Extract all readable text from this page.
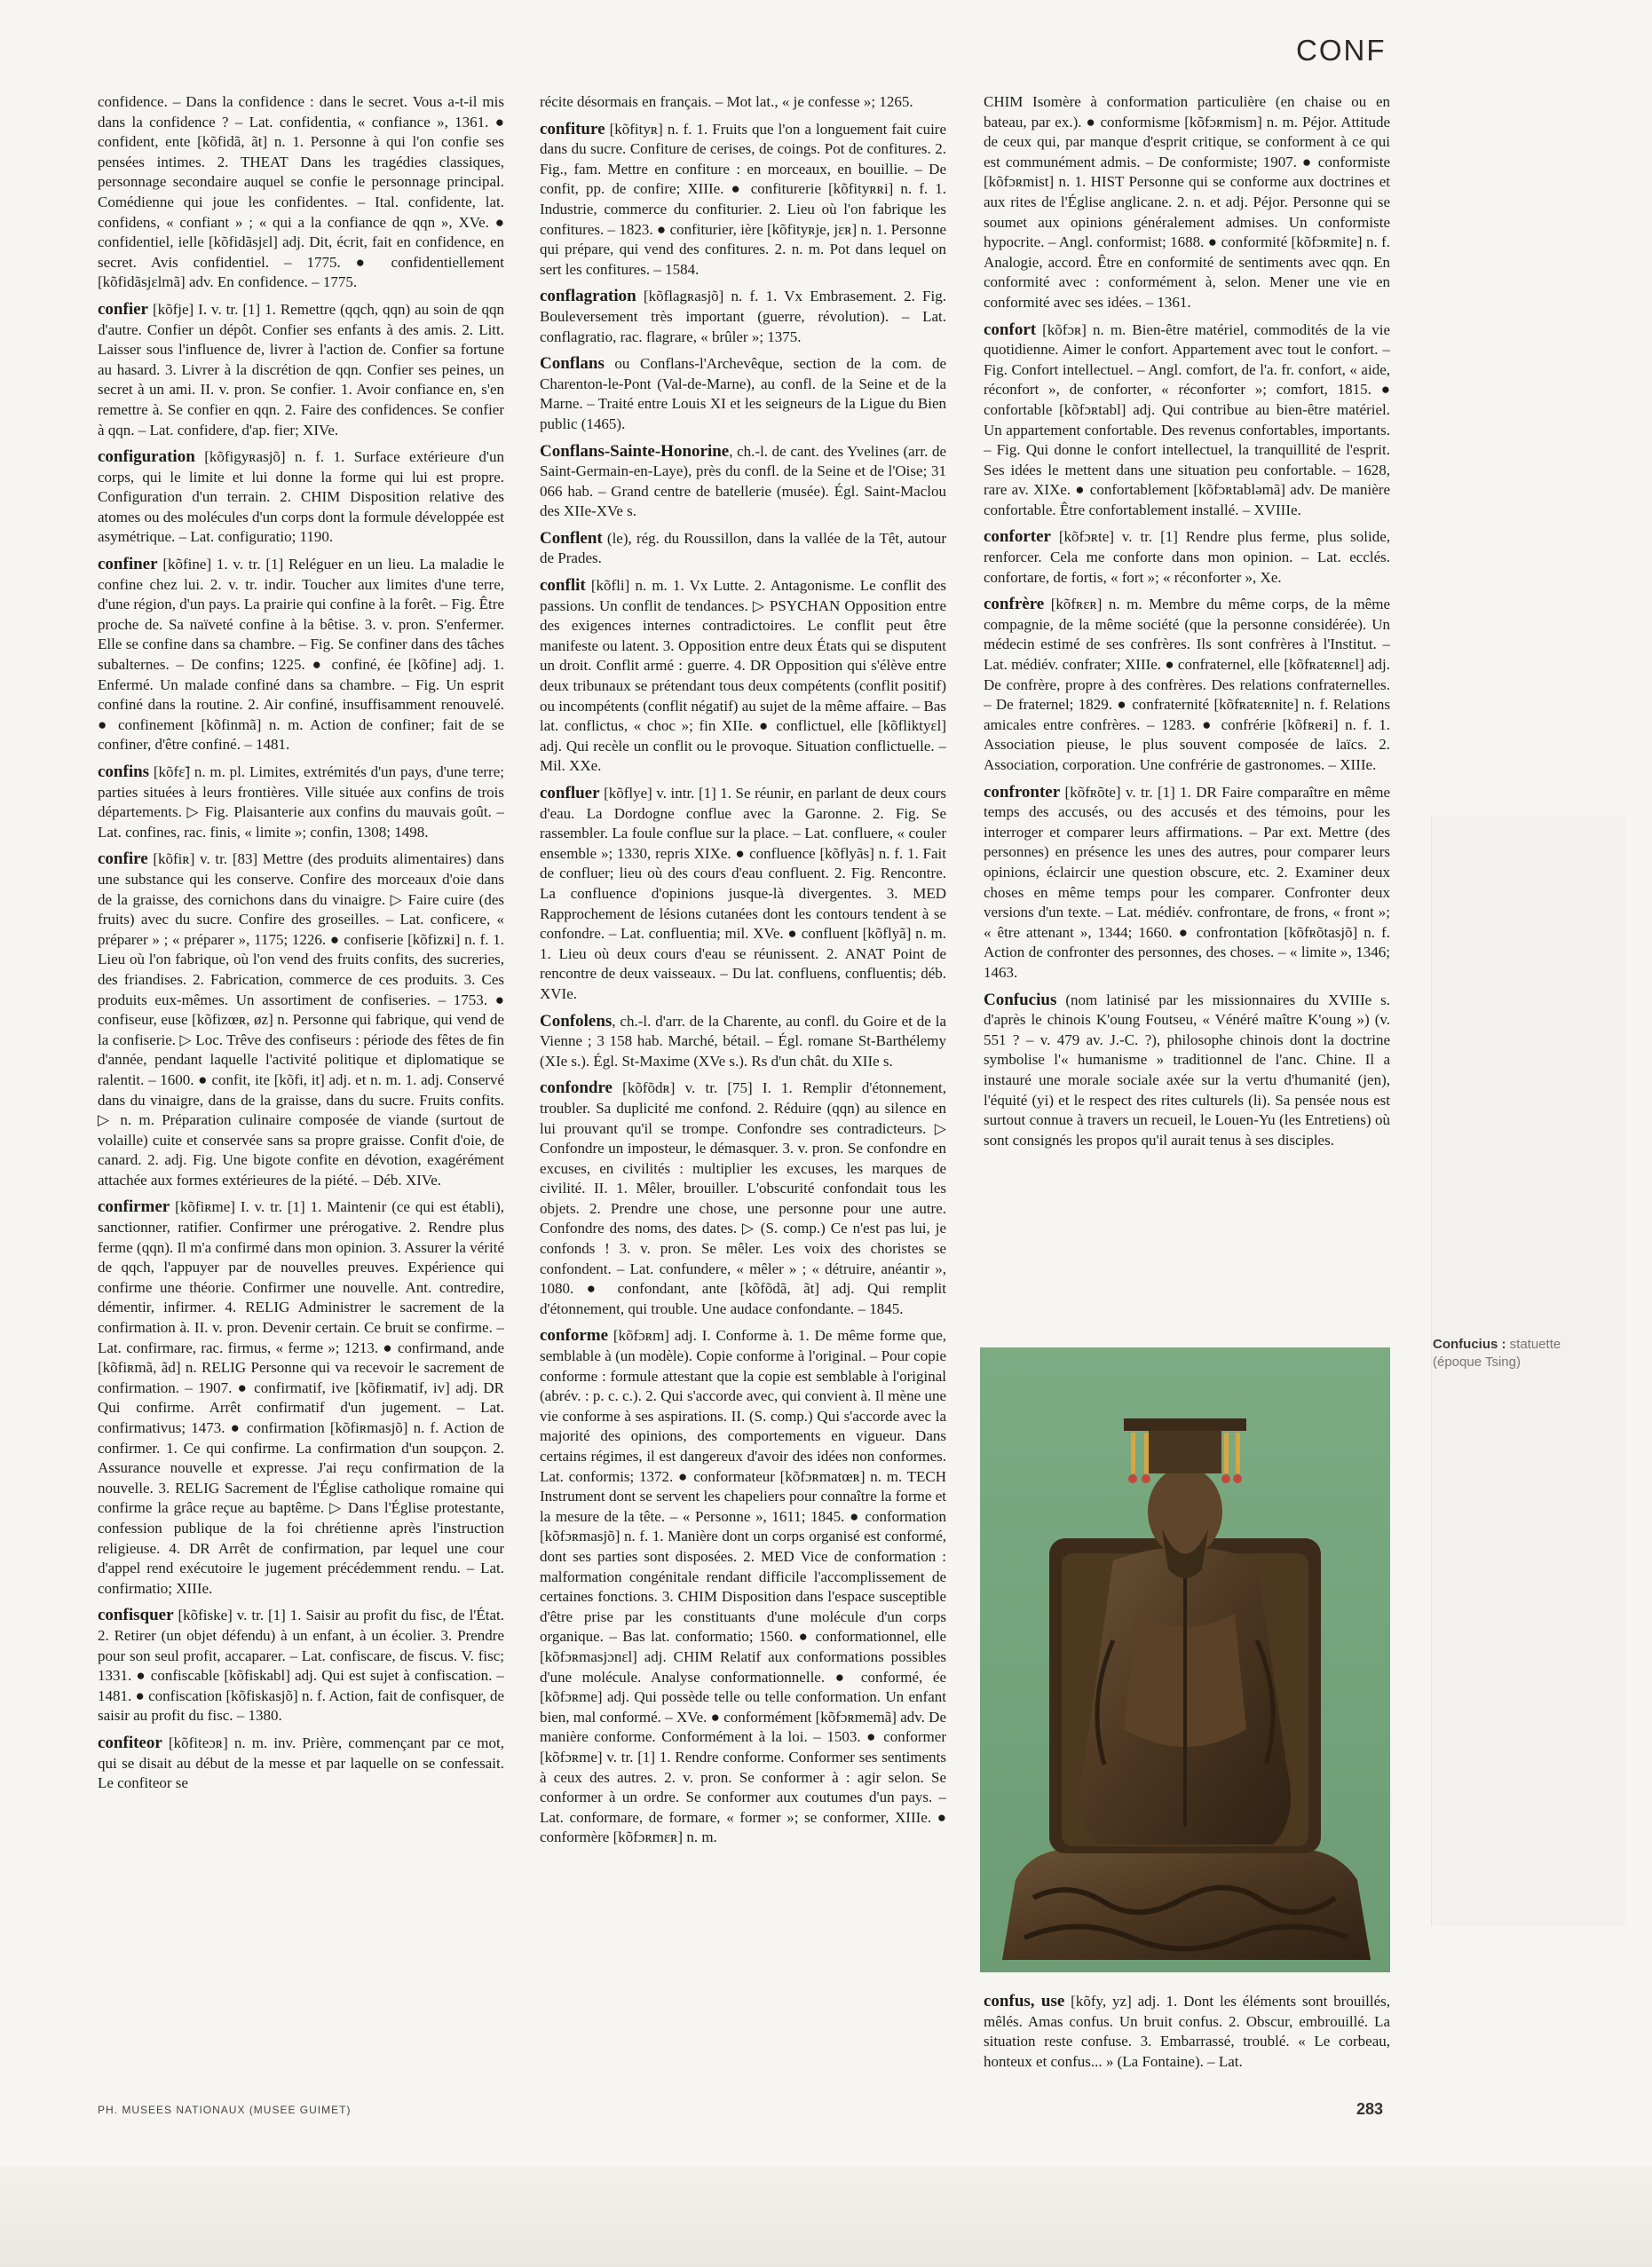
CONF

confidence. – Dans la confidence : dans le secret. Vous a-t-il mis dans la confidence ? – Lat. confidentia, « confiance », 1361. ● confident, ente [kõfidã, ãt] n. 1. Personne à qui l'on confie ses pensées intimes. 2. THEAT Dans les tragédies classiques, personnage secondaire auquel se confie le personnage principal. Comédienne qui joue les confidentes. – Ital. confidente, lat. confidens, « confiant » ; « qui a la confiance de qqn », XVe. ● confidentiel, ielle [kõfidãsjɛl] adj. Dit, écrit, fait en confidence, en secret. Avis confidentiel. – 1775. ● confidentiellement [kõfidãsjɛlmã] adv. En confidence. – 1775.

confier [kõfje] I. v. tr. [1] 1. Remettre (qqch, qqn) au soin de qqn d'autre. Confier un dépôt. Confier ses enfants à des amis. 2. Litt. Laisser sous l'influence de, livrer à l'action de. Confier sa fortune au hasard. 3. Livrer à la discrétion de qqn. Confier ses peines, un secret à un ami. II. v. pron. Se confier. 1. Avoir confiance en, s'en remettre à. Se confier en qqn. 2. Faire des confidences. Se confier à qqn. – Lat. confidere, d'ap. fier; XIVe.

configuration [kõfigyʀasjõ] n. f. 1. Surface extérieure d'un corps, qui le limite et lui donne la forme qui lui est propre. Configuration d'un terrain. 2. CHIM Disposition relative des atomes ou des molécules d'un corps dont la formule développée est asymétrique. – Lat. configuratio; 1190.

confiner [kõfine] 1. v. tr. [1] Reléguer en un lieu. La maladie le confine chez lui. 2. v. tr. indir. Toucher aux limites d'une terre, d'une région, d'un pays. La prairie qui confine à la forêt. – Fig. Être proche de. Sa naïveté confine à la bêtise. 3. v. pron. S'enfermer. Elle se confine dans sa chambre. – Fig. Se confiner dans des tâches subalternes. – De confins; 1225. ● confiné, ée [kõfine] adj. 1. Enfermé. Un malade confiné dans sa chambre. – Fig. Un esprit confiné dans la routine. 2. Air confiné, insuffisamment renouvelé. ● confinement [kõfinmã] n. m. Action de confiner; fait de se confiner, d'être confiné. – 1481.

confins [kõfɛ̃] n. m. pl. Limites, extrémités d'un pays, d'une terre; parties situées à leurs frontières. Ville située aux confins de trois départements. ▷ Fig. Plaisanterie aux confins du mauvais goût. – Lat. confines, rac. finis, « limite »; confin, 1308; 1498.

confire [kõfiʀ] v. tr. [83] Mettre (des produits alimentaires) dans une substance qui les conserve. Confire des morceaux d'oie dans de la graisse, des cornichons dans du vinaigre. ▷ Faire cuire (des fruits) avec du sucre. Confire des groseilles. – Lat. conficere, « préparer » ; « préparer », 1175; 1226. ● confiserie [kõfizʀi] n. f. 1. Lieu où l'on fabrique, où l'on vend des fruits confits, des sucreries, des friandises. 2. Fabrication, commerce de ces produits. 3. Ces produits eux-mêmes. Un assortiment de confiseries. – 1753. ● confiseur, euse [kõfizœʀ, øz] n. Personne qui fabrique, qui vend de la confiserie. ▷ Loc. Trêve des confiseurs : période des fêtes de fin d'année, pendant laquelle l'activité politique et diplomatique se ralentit. – 1600. ● confit, ite [kõfi, it] adj. et n. m. 1. adj. Conservé dans du vinaigre, dans de la graisse, dans du sucre. Fruits confits. ▷ n. m. Préparation culinaire composée de viande (surtout de volaille) cuite et conservée sans sa propre graisse. Confit d'oie, de canard. 2. adj. Fig. Une bigote confite en dévotion, exagérément attachée aux formes extérieures de la piété. – Déb. XIVe.

confirmer [kõfiʀme] I. v. tr. [1] 1. Maintenir (ce qui est établi), sanctionner, ratifier. Confirmer une prérogative. 2. Rendre plus ferme (qqn). Il m'a confirmé dans mon opinion. 3. Assurer la vérité de qqch, l'appuyer par de nouvelles preuves. Expérience qui confirme une théorie. Confirmer une nouvelle. Ant. contredire, démentir, infirmer. 4. RELIG Administrer le sacrement de la confirmation à. II. v. pron. Devenir certain. Ce bruit se confirme. – Lat. confirmare, rac. firmus, « ferme »; 1213. ● confirmand, ande [kõfiʀmã, ãd] n. RELIG Personne qui va recevoir le sacrement de confirmation. – 1907. ● confirmatif, ive [kõfiʀmatif, iv] adj. DR Qui confirme. Arrêt confirmatif d'un jugement. – Lat. confirmativus; 1473. ● confirmation [kõfiʀmasjõ] n. f. Action de confirmer. 1. Ce qui confirme. La confirmation d'un soupçon. 2. Assurance nouvelle et expresse. J'ai reçu confirmation de la nouvelle. 3. RELIG Sacrement de l'Église catholique romaine qui confirme la grâce reçue au baptême. ▷ Dans l'Église protestante, confession publique de la foi chrétienne après l'instruction religieuse. 4. DR Arrêt de confirmation, par lequel une cour d'appel rend exécutoire le jugement précédemment rendu. – Lat. confirmatio; XIIIe.

confisquer [kõfiske] v. tr. [1] 1. Saisir au profit du fisc, de l'État. 2. Retirer (un objet défendu) à un enfant, à un écolier. 3. Prendre pour son seul profit, accaparer. – Lat. confiscare, de fiscus. V. fisc; 1331. ● confiscable [kõfiskabl] adj. Qui est sujet à confiscation. – 1481. ● confiscation [kõfiskasjõ] n. f. Action, fait de confisquer, de saisir au profit du fisc. – 1380.

confiteor [kõfiteɔʀ] n. m. inv. Prière, commençant par ce mot, qui se disait au début de la messe et par laquelle on se confessait. Le confiteor se

récite désormais en français. – Mot lat., « je confesse »; 1265.

confiture [kõfityʀ] n. f. 1. Fruits que l'on a longuement fait cuire dans du sucre. Confiture de cerises, de coings. Pot de confitures. 2. Fig., fam. Mettre en confiture : en morceaux, en bouillie. – De confit, pp. de confire; XIIIe. ● confiturerie [kõfityʀʀi] n. f. 1. Industrie, commerce du confiturier. 2. Lieu où l'on fabrique les confitures. – 1823. ● confiturier, ière [kõfityʀje, jɛʀ] n. 1. Personne qui prépare, qui vend des confitures. 2. n. m. Pot dans lequel on sert les confitures. – 1584.

conflagration [kõflagʀasjõ] n. f. 1. Vx Embrasement. 2. Fig. Bouleversement très important (guerre, révolution). – Lat. conflagratio, rac. flagrare, « brûler »; 1375.

Conflans ou Conflans-l'Archevêque, section de la com. de Charenton-le-Pont (Val-de-Marne), au confl. de la Seine et de la Marne. – Traité entre Louis XI et les seigneurs de la Ligue du Bien public (1465).

Conflans-Sainte-Honorine, ch.-l. de cant. des Yvelines (arr. de Saint-Germain-en-Laye), près du confl. de la Seine et de l'Oise; 31 066 hab. – Grand centre de batellerie (musée). Égl. Saint-Maclou des XIIe-XVe s.

Conflent (le), rég. du Roussillon, dans la vallée de la Têt, autour de Prades.

conflit [kõfli] n. m. 1. Vx Lutte. 2. Antagonisme. Le conflit des passions. Un conflit de tendances. ▷ PSYCHAN Opposition entre des exigences internes contradictoires. Le conflit peut être manifeste ou latent. 3. Opposition entre deux États qui se disputent un droit. Conflit armé : guerre. 4. DR Opposition qui s'élève entre deux tribunaux se prétendant tous deux compétents (conflit positif) ou incompétents (conflit négatif) au sujet de la même affaire. – Bas lat. conflictus, « choc »; fin XIIe. ● conflictuel, elle [kõfliktyɛl] adj. Qui recèle un conflit ou le provoque. Situation conflictuelle. – Mil. XXe.

confluer [kõflye] v. intr. [1] 1. Se réunir, en parlant de deux cours d'eau. La Dordogne conflue avec la Garonne. 2. Fig. Se rassembler. La foule conflue sur la place. – Lat. confluere, « couler ensemble »; 1330, repris XIXe. ● confluence [kõflyãs] n. f. 1. Fait de confluer; lieu où des cours d'eau confluent. 2. Fig. Rencontre. La confluence d'opinions jusque-là divergentes. 3. MED Rapprochement de lésions cutanées dont les contours tendent à se confondre. – Lat. confluentia; mil. XVe. ● confluent [kõflyã] n. m. 1. Lieu où deux cours d'eau se réunissent. 2. ANAT Point de rencontre de deux vaisseaux. – Du lat. confluens, confluentis; déb. XVIe.

Confolens, ch.-l. d'arr. de la Charente, au confl. du Goire et de la Vienne ; 3 158 hab. Marché, bétail. – Égl. romane St-Barthélemy (XIe s.). Égl. St-Maxime (XVe s.). Rs d'un chât. du XIIe s.

confondre [kõfõdʀ] v. tr. [75] I. 1. Remplir d'étonnement, troubler. Sa duplicité me confond. 2. Réduire (qqn) au silence en lui prouvant qu'il se trompe. Confondre ses contradicteurs. ▷ Confondre un imposteur, le démasquer. 3. v. pron. Se confondre en excuses, en civilités : multiplier les excuses, les marques de civilité. II. 1. Mêler, brouiller. L'obscurité confondait tous les objets. 2. Prendre une chose, une personne pour une autre. Confondre des noms, des dates. ▷ (S. comp.) Ce n'est pas lui, je confonds ! 3. v. pron. Se mêler. Les voix des choristes se confondent. – Lat. confundere, « mêler » ; « détruire, anéantir », 1080. ● confondant, ante [kõfõdã, ãt] adj. Qui remplit d'étonnement, qui trouble. Une audace confondante. – 1845.

conforme [kõfɔʀm] adj. I. Conforme à. 1. De même forme que, semblable à (un modèle). Copie conforme à l'original. – Pour copie conforme : formule attestant que la copie est semblable à l'original (abrév. : p. c. c.). 2. Qui s'accorde avec, qui convient à. Il mène une vie conforme à ses aspirations. II. (S. comp.) Qui s'accorde avec la majorité des opinions, des comportements en vigueur. Dans certains régimes, il est dangereux d'avoir des idées non conformes. Lat. conformis; 1372. ● conformateur [kõfɔʀmatœʀ] n. m. TECH Instrument dont se servent les chapeliers pour connaître la forme et la mesure de la tête. – « Personne », 1611; 1845. ● conformation [kõfɔʀmasjõ] n. f. 1. Manière dont un corps organisé est conformé, dont ses parties sont disposées. 2. MED Vice de conformation : malformation congénitale rendant difficile l'accomplissement de certaines fonctions. 3. CHIM Disposition dans l'espace susceptible d'être prise par les constituants d'une molécule d'un corps organique. – Bas lat. conformatio; 1560. ● conformationnel, elle [kõfɔʀmasjɔnɛl] adj. CHIM Relatif aux conformations possibles d'une molécule. Analyse conformationnelle. ● conformé, ée [kõfɔʀme] adj. Qui possède telle ou telle conformation. Un enfant bien, mal conformé. – XVe. ● conformément [kõfɔʀmemã] adv. De manière conforme. Conformément à la loi. – 1503. ● conformer [kõfɔʀme] v. tr. [1] 1. Rendre conforme. Conformer ses sentiments à ceux des autres. 2. v. pron. Se conformer à : agir selon. Se conformer à un ordre. Se conformer aux coutumes d'un pays. – Lat. conformare, de formare, « former »; se conformer, XIIIe. ● conformère [kõfɔʀmɛʀ] n. m.

CHIM Isomère à conformation particulière (en chaise ou en bateau, par ex.). ● conformisme [kõfɔʀmism] n. m. Péjor. Attitude de ceux qui, par manque d'esprit critique, se conforment à ce qui est communément admis. – De conformiste; 1907. ● conformiste [kõfɔʀmist] n. 1. HIST Personne qui se conforme aux doctrines et aux rites de l'Église anglicane. 2. n. et adj. Péjor. Personne qui se soumet aux opinions généralement admises. Un conformiste hypocrite. – Angl. conformist; 1688. ● conformité [kõfɔʀmite] n. f. Analogie, accord. Être en conformité de sentiments avec qqn. En conformité avec : conformément à, selon. Mener une vie en conformité avec ses idées. – 1361.

confort [kõfɔʀ] n. m. Bien-être matériel, commodités de la vie quotidienne. Aimer le confort. Appartement avec tout le confort. – Fig. Confort intellectuel. – Angl. comfort, de l'a. fr. confort, « aide, réconfort », de conforter, « réconforter »; comfort, 1815. ● confortable [kõfɔʀtabl] adj. Qui contribue au bien-être matériel. Un appartement confortable. Des revenus confortables, importants. – Fig. Qui donne le confort intellectuel, la tranquillité de l'esprit. Ses idées le mettent dans une situation peu confortable. – 1628, rare av. XIXe. ● confortablement [kõfɔʀtabləmã] adv. De manière confortable. Être confortablement installé. – XVIIIe.

conforter [kõfɔʀte] v. tr. [1] Rendre plus ferme, plus solide, renforcer. Cela me conforte dans mon opinion. – Lat. ecclés. confortare, de fortis, « fort »; « réconforter », Xe.

confrère [kõfʀɛʀ] n. m. Membre du même corps, de la même compagnie, de la même société (que la personne considérée). Un médecin estimé de ses confrères. Ils sont confrères à l'Institut. – Lat. médiév. confrater; XIIIe. ● confraternel, elle [kõfʀatɛʀnɛl] adj. De confrère, propre à des confrères. Des relations confraternelles. – De fraternel; 1829. ● confraternité [kõfʀatɛʀnite] n. f. Relations amicales entre confrères. – 1283. ● confrérie [kõfʀeʀi] n. f. 1. Association pieuse, le plus souvent composée de laïcs. 2. Association, corporation. Une confrérie de gastronomes. – XIIIe.

confronter [kõfʀõte] v. tr. [1] 1. DR Faire comparaître en même temps des accusés, ou des accusés et des témoins, pour les interroger et comparer leurs affirmations. – Par ext. Mettre (des personnes) en présence les unes des autres, pour comparer leurs opinions, éclaircir une question obscure, etc. 2. Examiner deux choses en même temps pour les comparer. Confronter deux versions d'un texte. – Lat. médiév. confrontare, de frons, « front »; « être attenant », 1344; 1660. ● confrontation [kõfʀõtasjõ] n. f. Action de confronter des personnes, des choses. – « limite », 1346; 1463.

Confucius (nom latinisé par les missionnaires du XVIIIe s. d'après le chinois K'oung Foutseu, « Vénéré maître K'oung ») (v. 551 ? – v. 479 av. J.-C. ?), philosophe chinois dont la doctrine symbolise l'« humanisme » traditionnel de l'anc. Chine. Il a instauré une morale sociale axée sur la vertu d'humanité (jen), l'équité (yi) et le respect des rites culturels (li). Sa pensée nous est surtout connue à travers un recueil, le Louen-Yu (les Entretiens) où sont consignés les propos qu'il aurait tenus à ses disciples.

confus, use [kõfy, yz] adj. 1. Dont les éléments sont brouillés, mêlés. Amas confus. Un bruit confus. 2. Obscur, embrouillé. La situation reste confuse. 3. Embarrassé, troublé. « Le corbeau, honteux et confus... » (La Fontaine). – Lat.

Confucius : statuette (époque Tsing)
PH. MUSEES NATIONAUX (MUSEE GUIMET)	283
